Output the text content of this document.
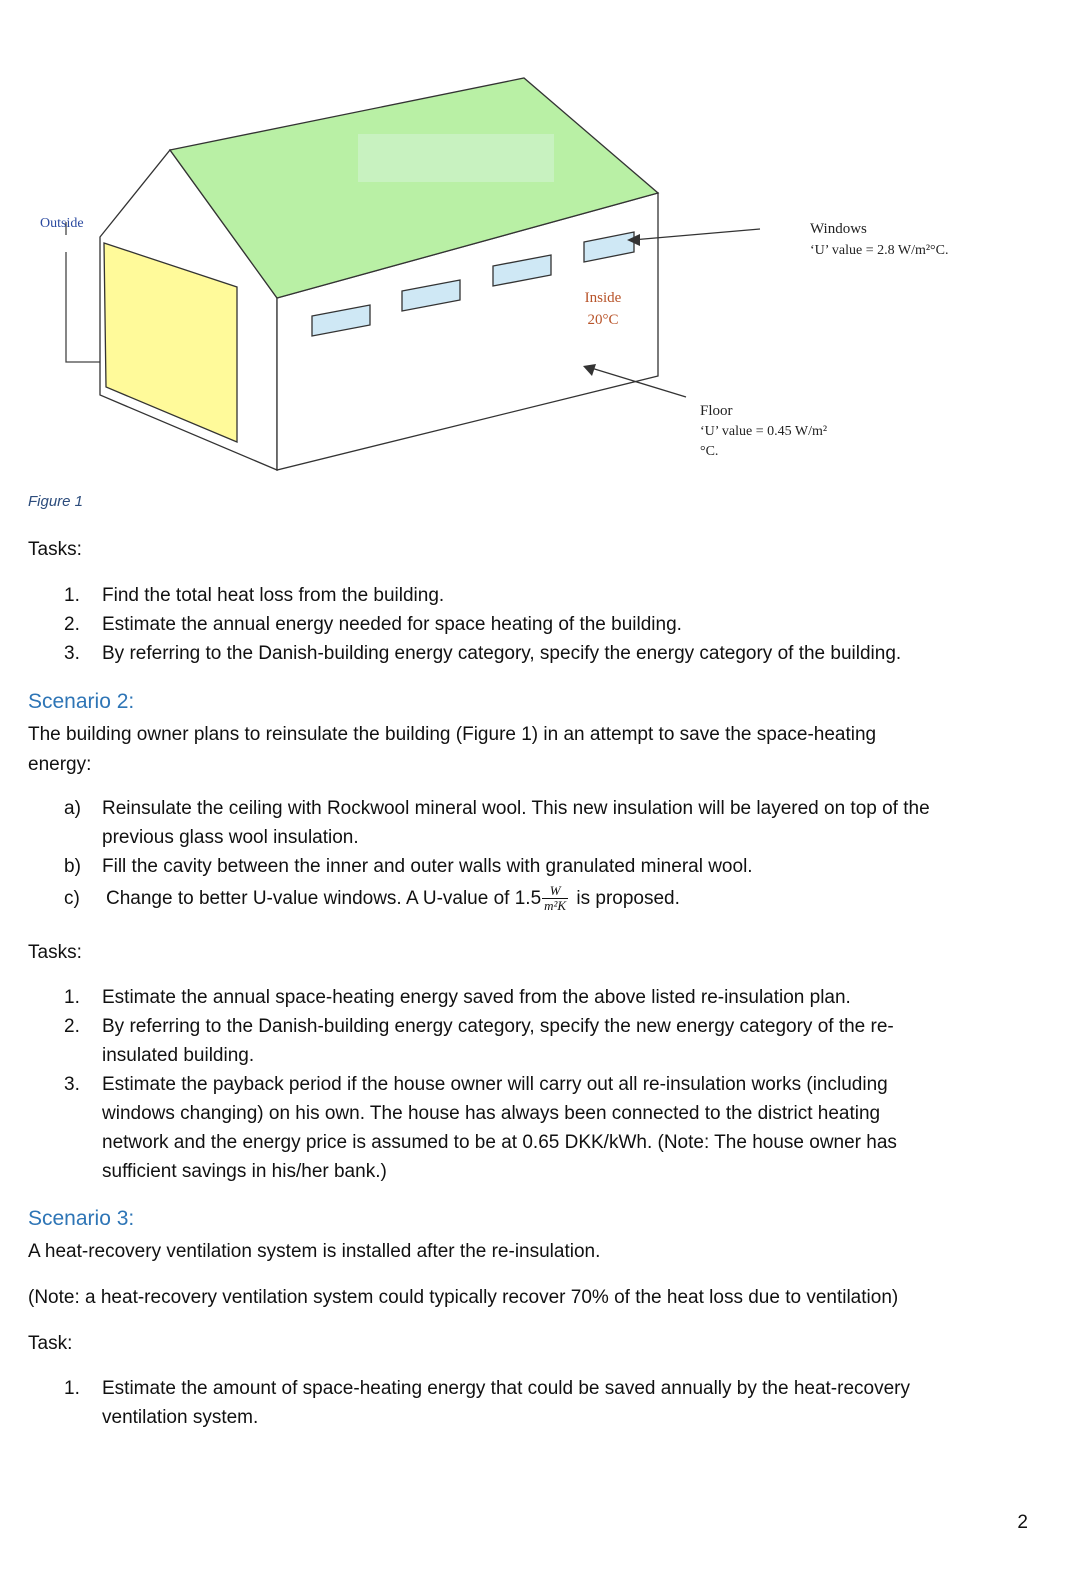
Outside
Inside
20°C
Windows
‘U’ value = 2.8 W/m²°C.
Floor
‘U’ value = 0.45 W/m²
°C.
Figure 1
Tasks:
1.	Find the total heat loss from the building.
2.	Estimate the annual energy needed for space heating of the building.
3.	By referring to the Danish-building energy category, specify the energy category of the building.
Scenario 2:
The building owner plans to reinsulate the building (Figure 1) in an attempt to save the space-heating
energy:
a)	Reinsulate the ceiling with Rockwool mineral wool. This new insulation will be layered on top of the
previous glass wool insulation.
b)	Fill the cavity between the inner and outer walls with granulated mineral wool.
c) Change to better U-value windows. A U-value of $1.5 \frac{W}{\text{m²K}}$ is proposed.
Tasks:
1.	Estimate the annual space-heating energy saved from the above listed re-insulation plan.
2.	By referring to the Danish-building energy category, specify the new energy category of the re-
insulated building.
3.	Estimate the payback period if the house owner will carry out all re-insulation works (including
windows changing) on his own. The house has always been connected to the district heating
network and the energy price is assumed to be at 0.65 DKK/kWh. (Note: The house owner has
sufficient savings in his/her bank.)
Scenario 3:
A heat-recovery ventilation system is installed after the re-insulation.
(Note: a heat-recovery ventilation system could typically recover 70% of the heat loss due to ventilation)
Task:
1.	Estimate the amount of space-heating energy that could be saved annually by the heat-recovery
ventilation system.
2
